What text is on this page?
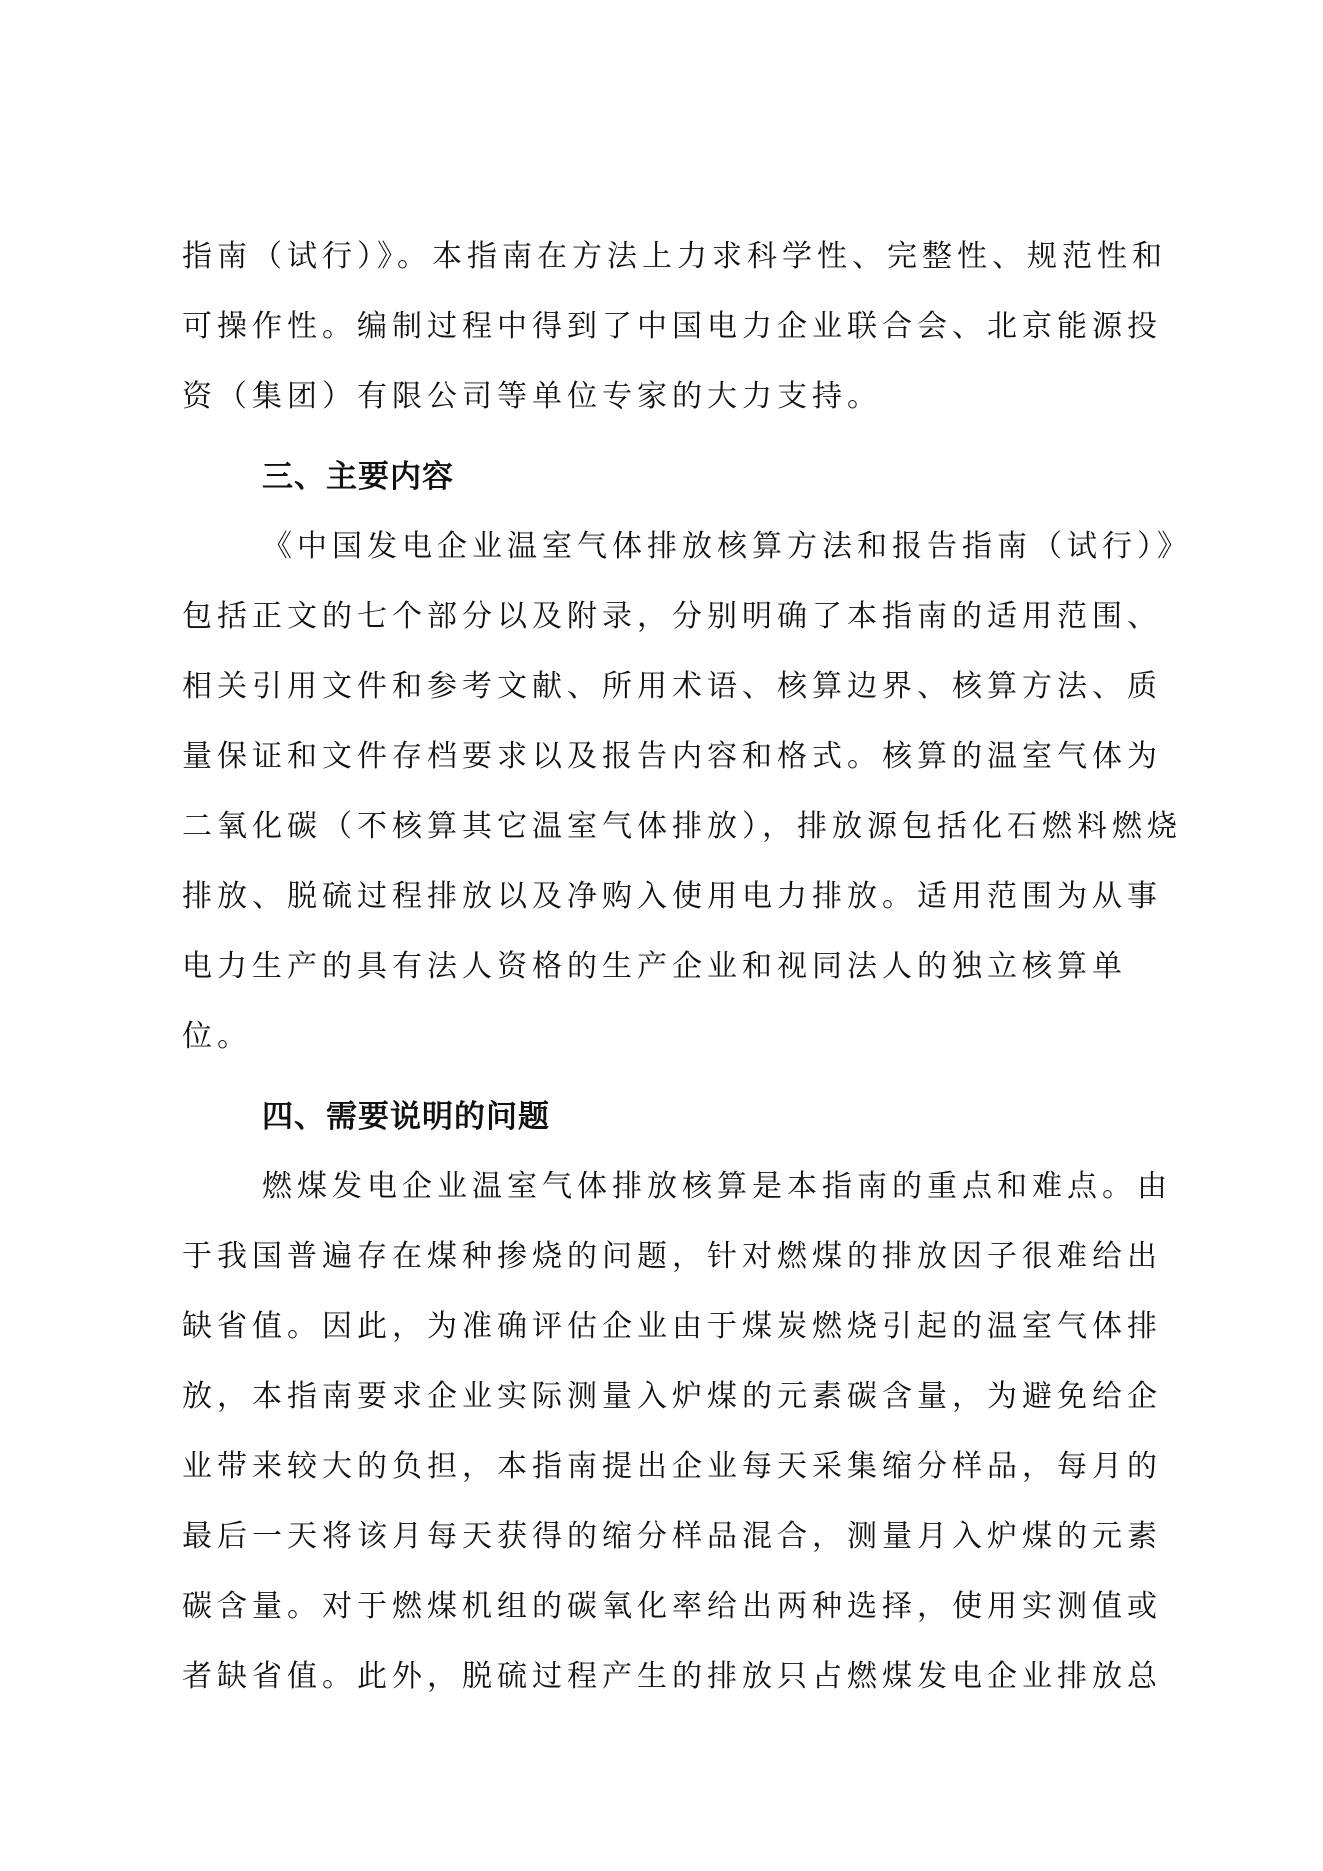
指南（试行）》。本指南在方法上力求科学性、完整性、规范性和
可操作性。编制过程中得到了中国电力企业联合会、北京能源投
资（集团）有限公司等单位专家的大力支持。
三、主要内容
《中国发电企业温室气体排放核算方法和报告指南（试行）》
包括正文的七个部分以及附录，分别明确了本指南的适用范围、
相关引用文件和参考文献、所用术语、核算边界、核算方法、质
量保证和文件存档要求以及报告内容和格式。核算的温室气体为
二氧化碳（不核算其它温室气体排放），排放源包括化石燃料燃烧
排放、脱硫过程排放以及净购入使用电力排放。适用范围为从事
电力生产的具有法人资格的生产企业和视同法人的独立核算单
位。
四、需要说明的问题
燃煤发电企业温室气体排放核算是本指南的重点和难点。由
于我国普遍存在煤种掺烧的问题，针对燃煤的排放因子很难给出
缺省值。因此，为准确评估企业由于煤炭燃烧引起的温室气体排
放，本指南要求企业实际测量入炉煤的元素碳含量，为避免给企
业带来较大的负担，本指南提出企业每天采集缩分样品，每月的
最后一天将该月每天获得的缩分样品混合，测量月入炉煤的元素
碳含量。对于燃煤机组的碳氧化率给出两种选择，使用实测值或
者缺省值。此外，脱硫过程产生的排放只占燃煤发电企业排放总
